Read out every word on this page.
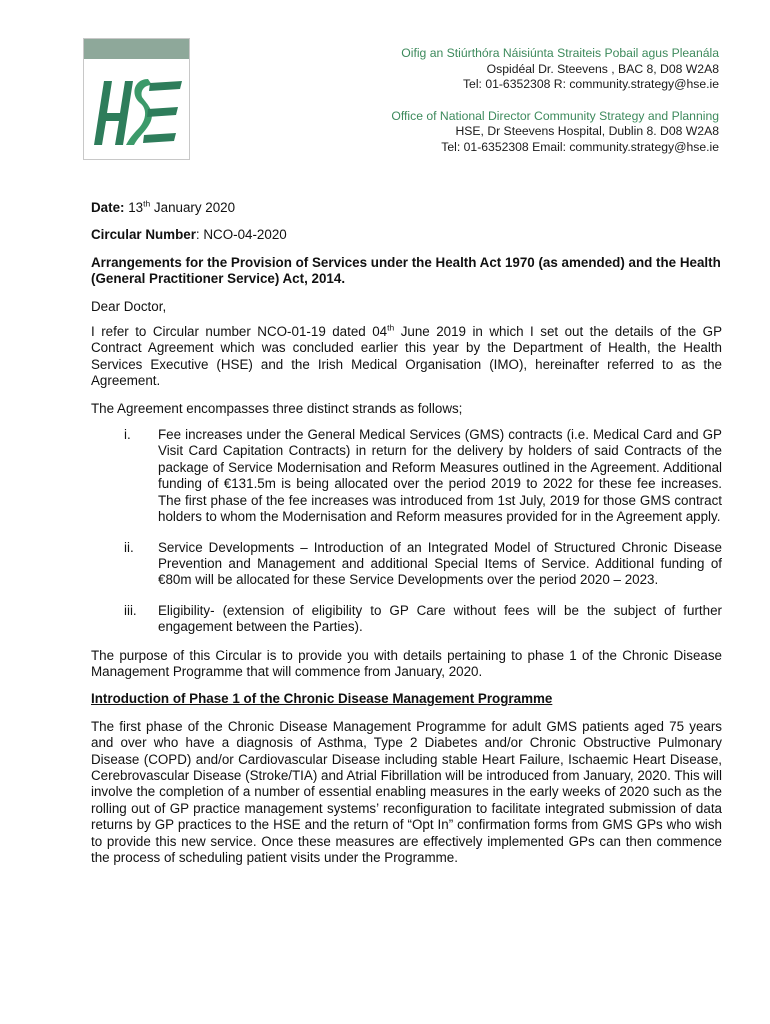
Oifig an Stiúrthóra Náisiúnta Straiteis Pobail agus Pleanála
Ospidéal Dr. Steevens , BAC 8, D08 W2A8
Tel: 01-6352308 R: community.strategy@hse.ie
Office of National Director Community Strategy and Planning
HSE, Dr Steevens Hospital, Dublin 8. D08 W2A8
Tel: 01-6352308 Email: community.strategy@hse.ie

Date: 13th January 2020

Circular Number: NCO-04-2020

Arrangements for the Provision of Services under the Health Act 1970 (as amended) and the Health (General Practitioner Service) Act, 2014.

Dear Doctor,

I refer to Circular number NCO-01-19 dated 04th June 2019 in which I set out the details of the GP Contract Agreement which was concluded earlier this year by the Department of Health, the Health Services Executive (HSE) and the Irish Medical Organisation (IMO), hereinafter referred to as the Agreement.

The Agreement encompasses three distinct strands as follows;

i. Fee increases under the General Medical Services (GMS) contracts (i.e. Medical Card and GP Visit Card Capitation Contracts) in return for the delivery by holders of said Contracts of the package of Service Modernisation and Reform Measures outlined in the Agreement. Additional funding of €131.5m is being allocated over the period 2019 to 2022 for these fee increases. The first phase of the fee increases was introduced from 1st July, 2019 for those GMS contract holders to whom the Modernisation and Reform measures provided for in the Agreement apply.
ii. Service Developments – Introduction of an Integrated Model of Structured Chronic Disease Prevention and Management and additional Special Items of Service. Additional funding of €80m will be allocated for these Service Developments over the period 2020 – 2023.
iii. Eligibility- (extension of eligibility to GP Care without fees will be the subject of further engagement between the Parties).

The purpose of this Circular is to provide you with details pertaining to phase 1 of the Chronic Disease Management Programme that will commence from January, 2020.

Introduction of Phase 1 of the Chronic Disease Management Programme

The first phase of the Chronic Disease Management Programme for adult GMS patients aged 75 years and over who have a diagnosis of Asthma, Type 2 Diabetes and/or Chronic Obstructive Pulmonary Disease (COPD) and/or Cardiovascular Disease including stable Heart Failure, Ischaemic Heart Disease, Cerebrovascular Disease (Stroke/TIA) and Atrial Fibrillation will be introduced from January, 2020. This will involve the completion of a number of essential enabling measures in the early weeks of 2020 such as the rolling out of GP practice management systems’ reconfiguration to facilitate integrated submission of data returns by GP practices to the HSE and the return of “Opt In” confirmation forms from GMS GPs who wish to provide this new service. Once these measures are effectively implemented GPs can then commence the process of scheduling patient visits under the Programme.
